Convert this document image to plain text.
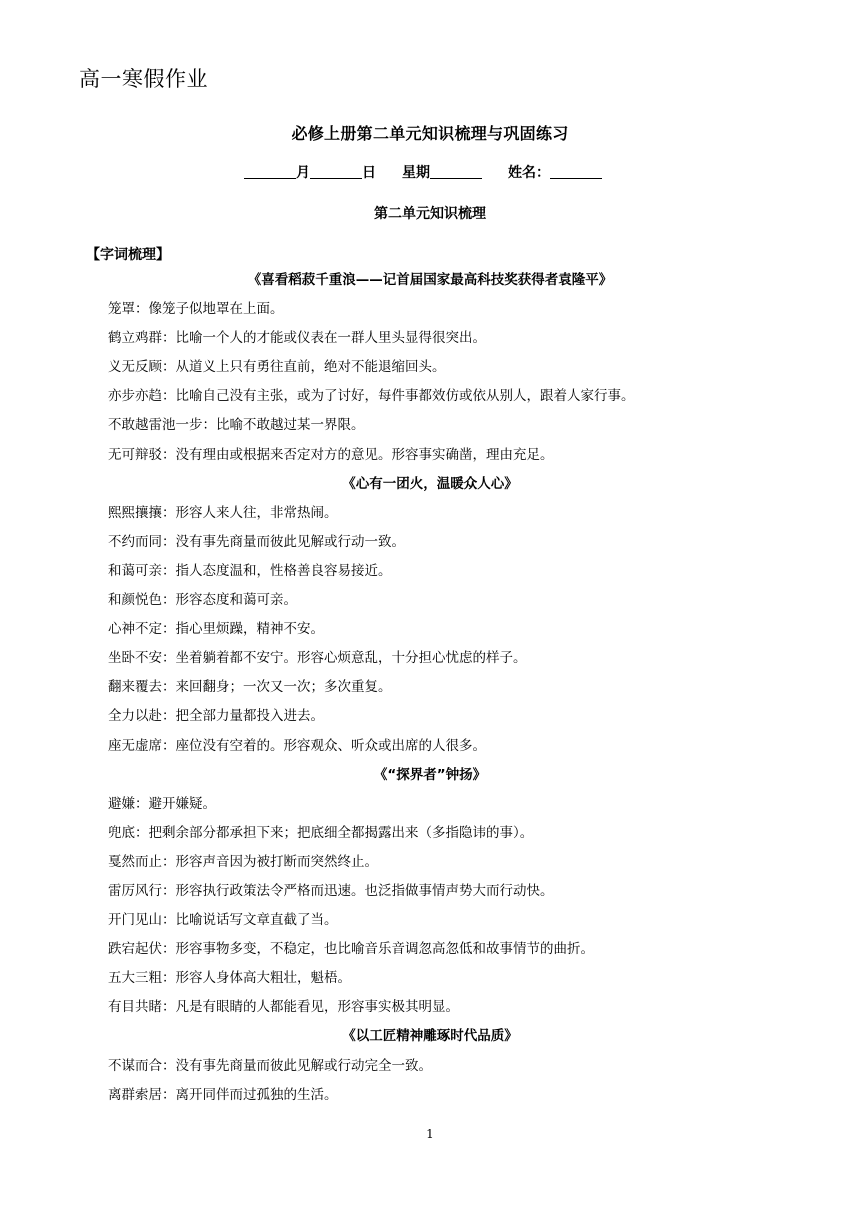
高一寒假作业
必修上册第二单元知识梳理与巩固练习
月	日 星期	姓名：
第二单元知识梳理
【字词梳理】
《喜看稻菽千重浪——记首届国家最高科技奖获得者袁隆平》
笼罩：像笼子似地罩在上面。
鹤立鸡群：比喻一个人的才能或仪表在一群人里头显得很突出。
义无反顾：从道义上只有勇往直前，绝对不能退缩回头。
亦步亦趋：比喻自己没有主张，或为了讨好，每件事都效仿或依从别人，跟着人家行事。
不敢越雷池一步：比喻不敢越过某一界限。
无可辩驳：没有理由或根据来否定对方的意见。形容事实确凿，理由充足。
《心有一团火，温暖众人心》
熙熙攘攘：形容人来人往，非常热闹。
不约而同：没有事先商量而彼此见解或行动一致。
和蔼可亲：指人态度温和，性格善良容易接近。
和颜悦色：形容态度和蔼可亲。
心神不定：指心里烦躁，精神不安。
坐卧不安：坐着躺着都不安宁。形容心烦意乱，十分担心忧虑的样子。
翻来覆去：来回翻身；一次又一次；多次重复。
全力以赴：把全部力量都投入进去。
座无虚席：座位没有空着的。形容观众、听众或出席的人很多。
《“探界者”钟扬》
避嫌：避开嫌疑。
兜底：把剩余部分都承担下来；把底细全都揭露出来（多指隐讳的事）。
戛然而止：形容声音因为被打断而突然终止。
雷厉风行：形容执行政策法令严格而迅速。也泛指做事情声势大而行动快。
开门见山：比喻说话写文章直截了当。
跌宕起伏：形容事物多变，不稳定，也比喻音乐音调忽高忽低和故事情节的曲折。
五大三粗：形容人身体高大粗壮，魁梧。
有目共睹：凡是有眼睛的人都能看见，形容事实极其明显。
《以工匠精神雕琢时代品质》
不谋而合：没有事先商量而彼此见解或行动完全一致。
离群索居：离开同伴而过孤独的生活。
1
